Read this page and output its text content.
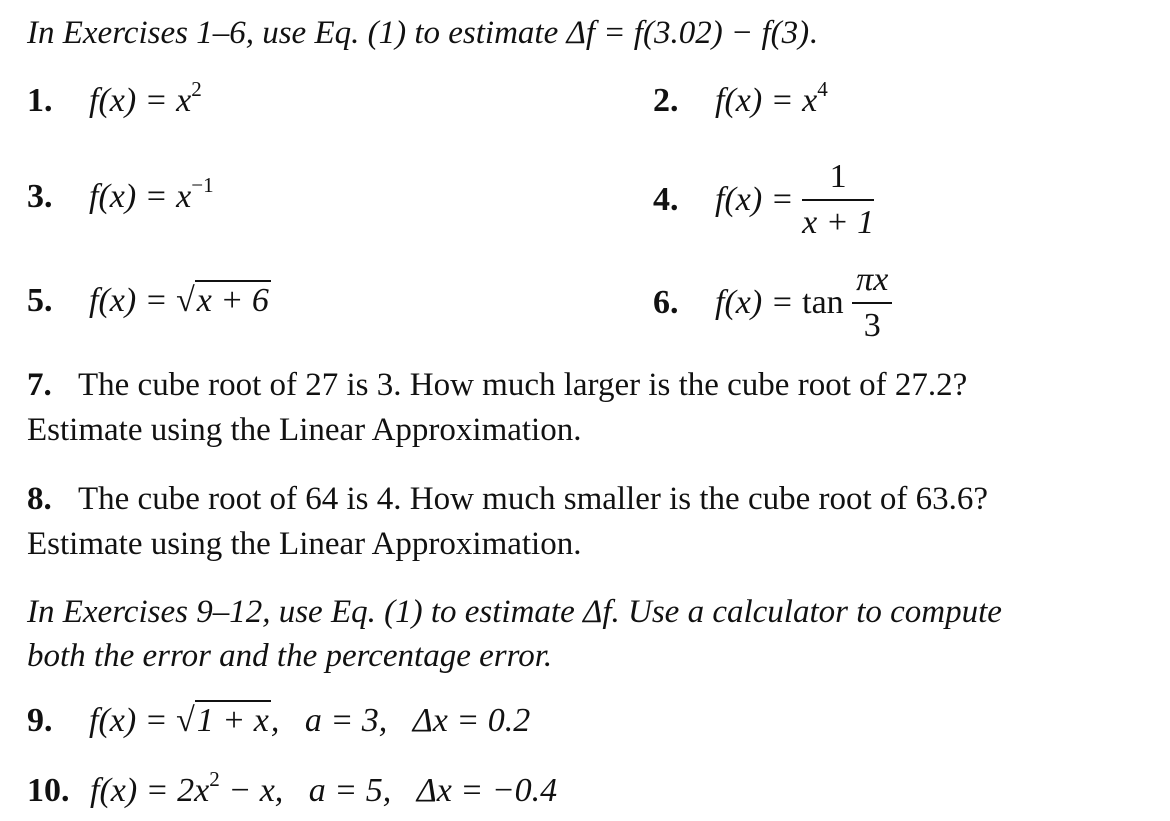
In Exercises 1–6, use Eq. (1) to estimate Δf = f(3.02) − f(3).
1. $f(x) = x^2$	2. $f(x) = x^4$
3. $f(x) = x^{-1}$	4. $f(x) = \frac{1}{x + 1}$
5. f(x) = √x + 6	6. $f(x) = \tan \frac{\pi x}{3}$
7. The cube root of 27 is 3. How much larger is the cube root of 27.2?
Estimate using the Linear Approximation.
8. The cube root of 64 is 4. How much smaller is the cube root of 63.6?
Estimate using the Linear Approximation.
In Exercises 9–12, use Eq. (1) to estimate Δf. Use a calculator to compute
both the error and the percentage error.
9. f(x) = √1 + x,   a = 3,   Δx = 0.2
10. $f(x) = 2x^2 - x$,   a = 5,   Δx = −0.4
